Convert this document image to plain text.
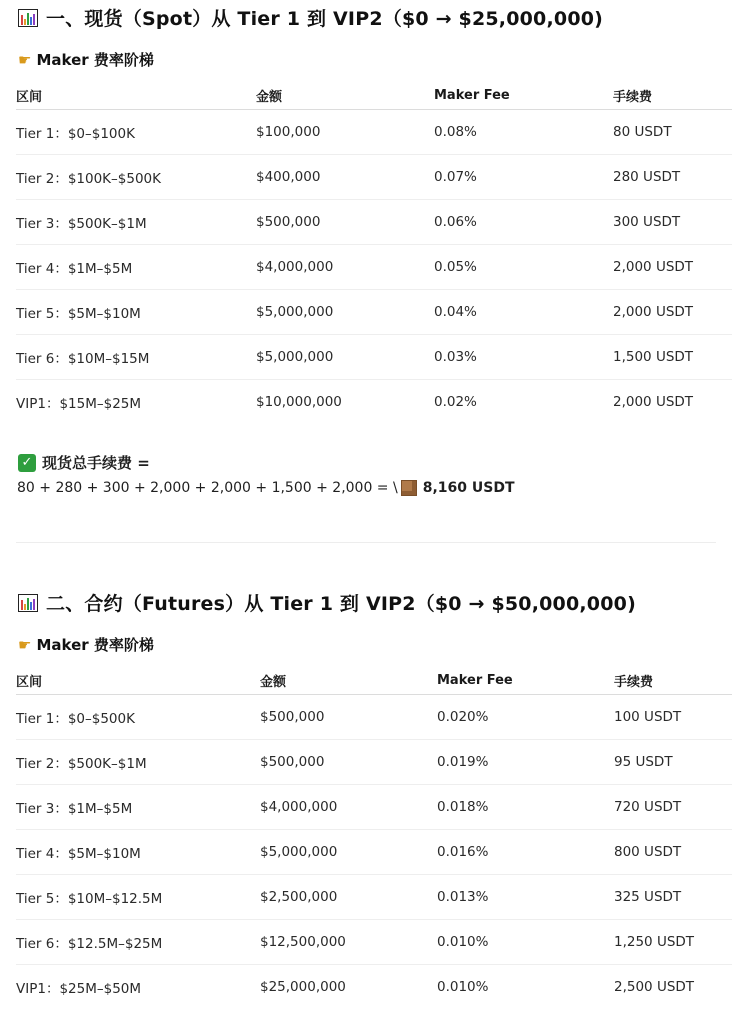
一、现货（Spot）从 Tier 1 到 VIP2（$0 → $25,000,000)
☛ Maker 费率阶梯
区间	金额	Maker Fee	手续费
Tier 1：$0–$100K	$100,000	0.08%	80 USDT
Tier 2：$100K–$500K	$400,000	0.07%	280 USDT
Tier 3：$500K–$1M	$500,000	0.06%	300 USDT
Tier 4：$1M–$5M	$4,000,000	0.05%	2,000 USDT
Tier 5：$5M–$10M	$5,000,000	0.04%	2,000 USDT
Tier 6：$10M–$15M	$5,000,000	0.03%	1,500 USDT
VIP1：$15M–$25M	$10,000,000	0.02%	2,000 USDT
✓ 现货总手续费 =
80 + 280 + 300 + 2,000 + 2,000 + 1,500 + 2,000 = \ 8,160 USDT
二、合约（Futures）从 Tier 1 到 VIP2（$0 → $50,000,000)
☛ Maker 费率阶梯
区间	金额	Maker Fee	手续费
Tier 1：$0–$500K	$500,000	0.020%	100 USDT
Tier 2：$500K–$1M	$500,000	0.019%	95 USDT
Tier 3：$1M–$5M	$4,000,000	0.018%	720 USDT
Tier 4：$5M–$10M	$5,000,000	0.016%	800 USDT
Tier 5：$10M–$12.5M	$2,500,000	0.013%	325 USDT
Tier 6：$12.5M–$25M	$12,500,000	0.010%	1,250 USDT
VIP1：$25M–$50M	$25,000,000	0.010%	2,500 USDT
